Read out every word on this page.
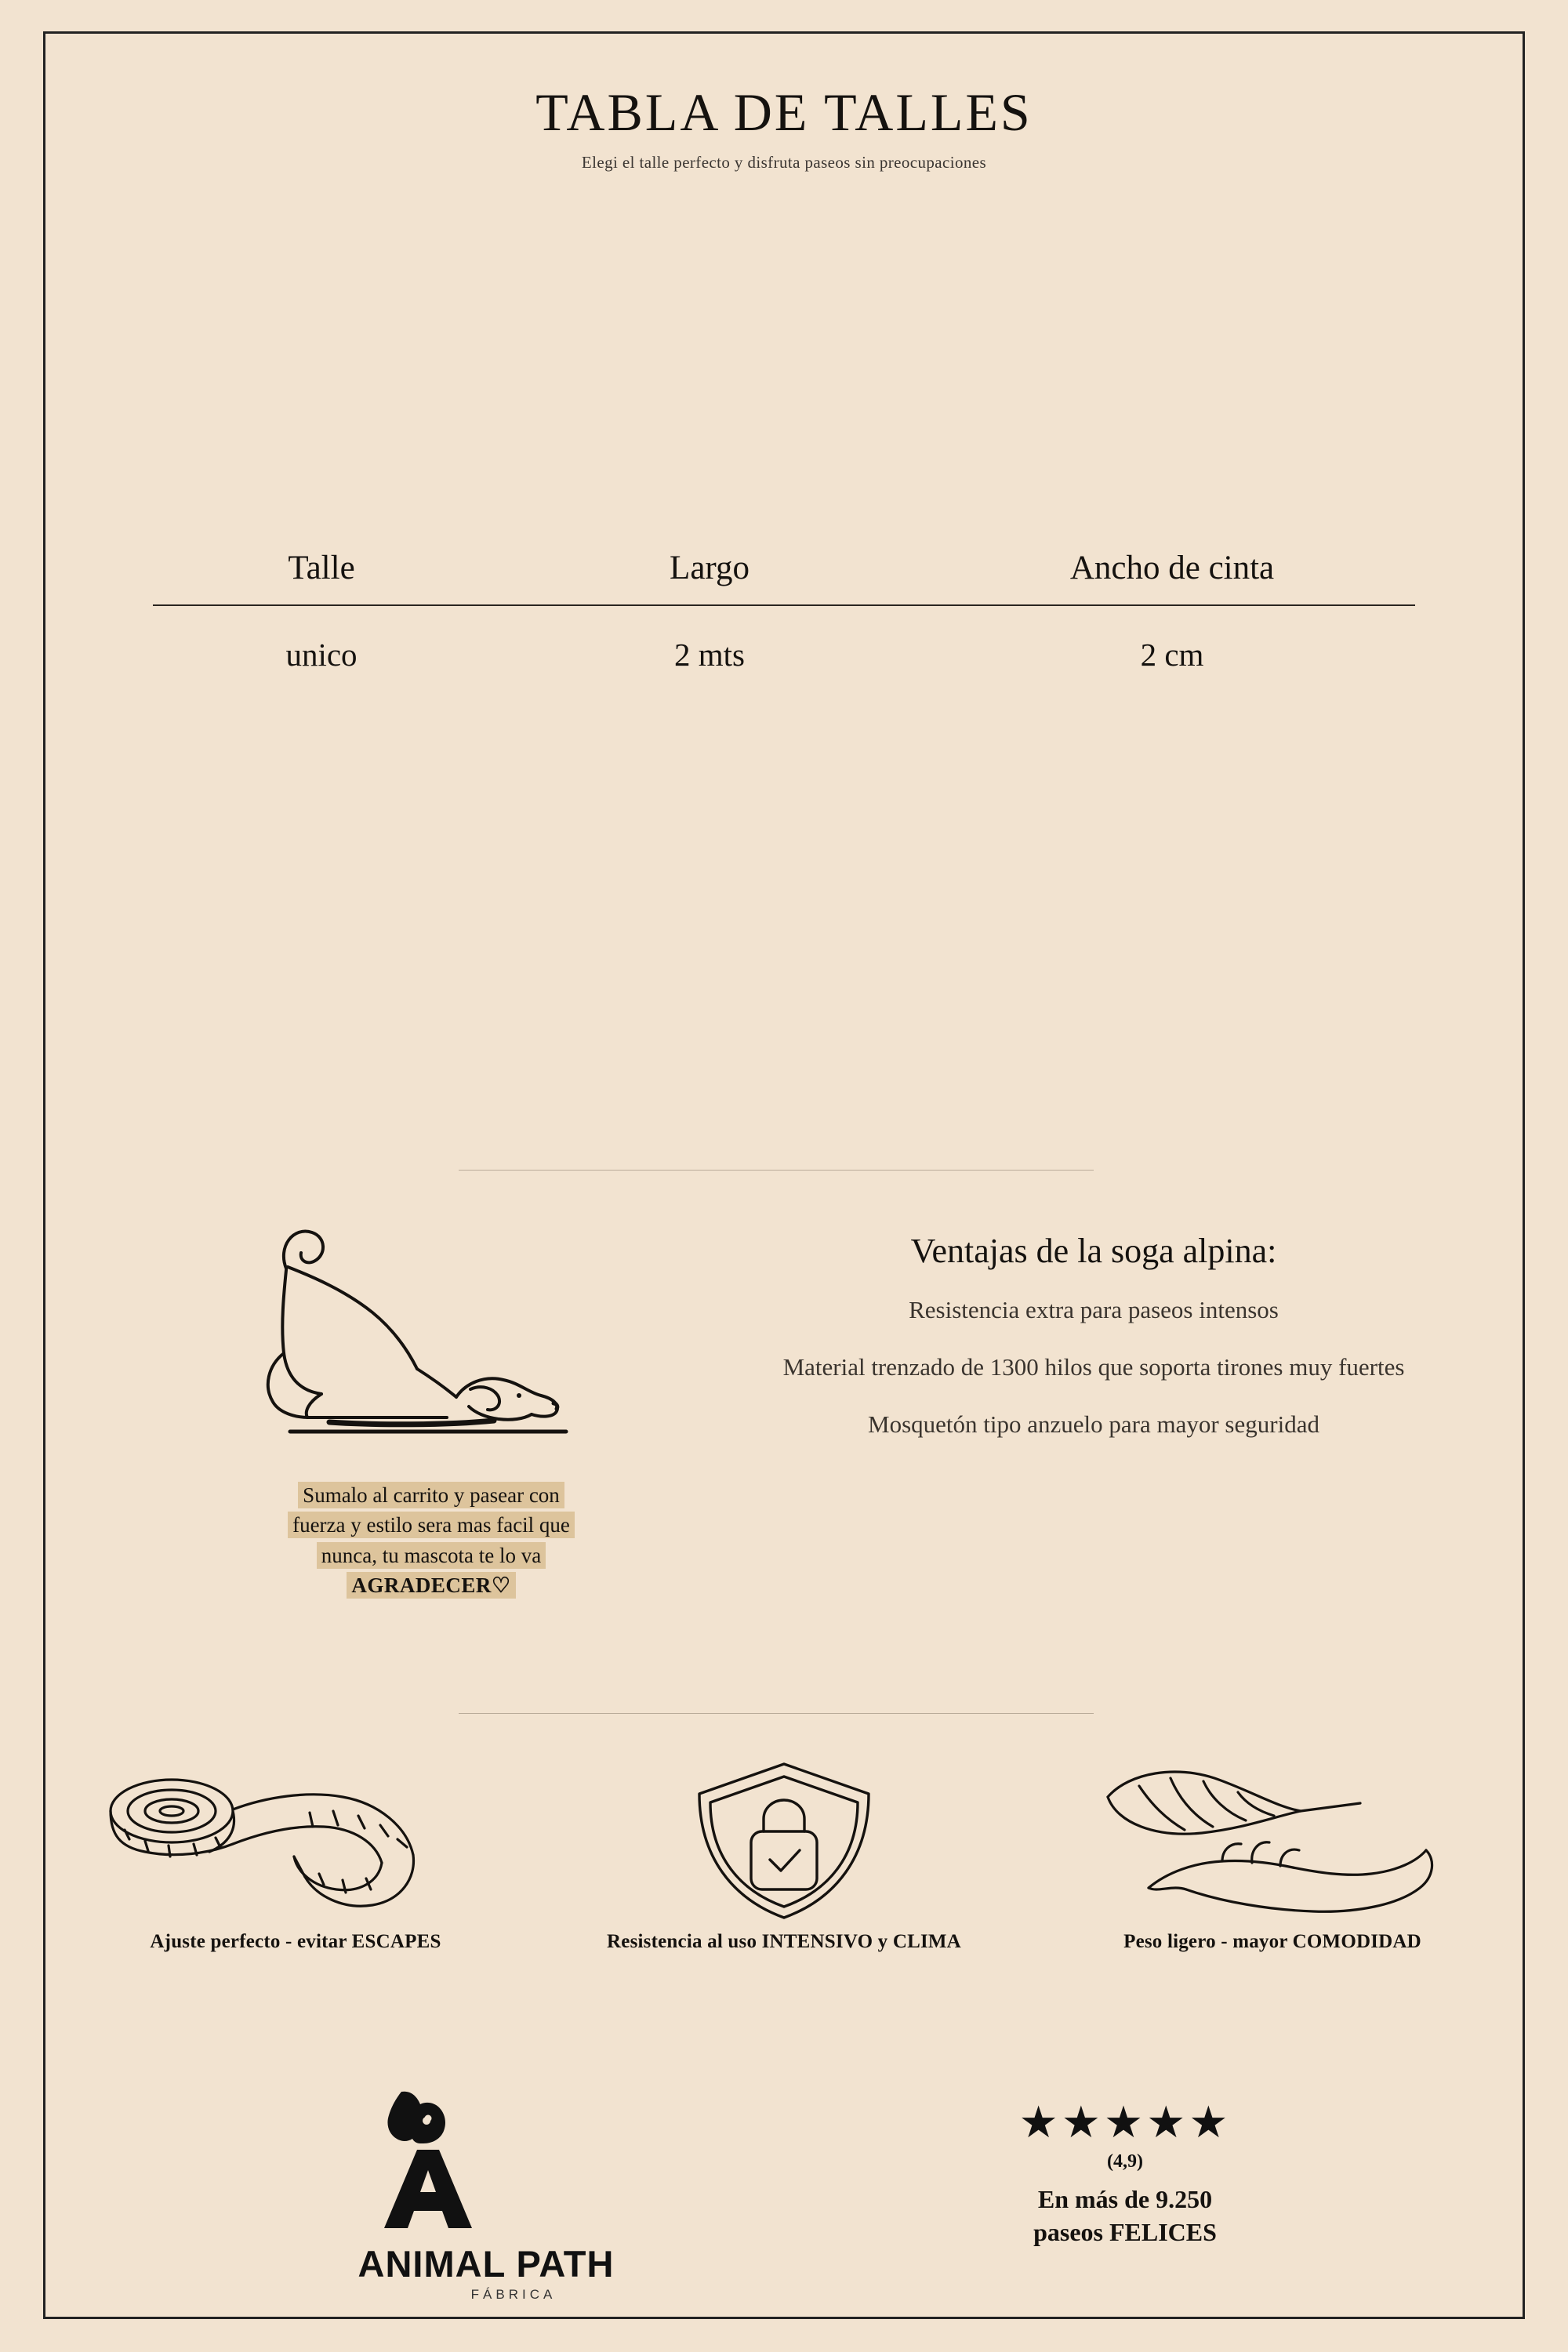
TABLA DE TALLES
Elegi el talle perfecto y disfruta paseos sin preocupaciones
Talle	Largo	Ancho de cinta
unico	2 mts	2 cm
Sumalo al carrito y pasear con
fuerza y estilo sera mas facil que
nunca, tu mascota te lo va
AGRADECER♡
Ventajas de la soga alpina:
Resistencia extra para paseos intensos
Material trenzado de 1300 hilos que soporta tirones muy fuertes
Mosquetón tipo anzuelo para mayor seguridad
Ajuste perfecto - evitar ESCAPES	Resistencia al uso INTENSIVO y CLIMA	Peso ligero - mayor COMODIDAD
ANIMAL PATH
FÁBRICA
★★★★★
(4,9)
En más de 9.250
paseos FELICES
